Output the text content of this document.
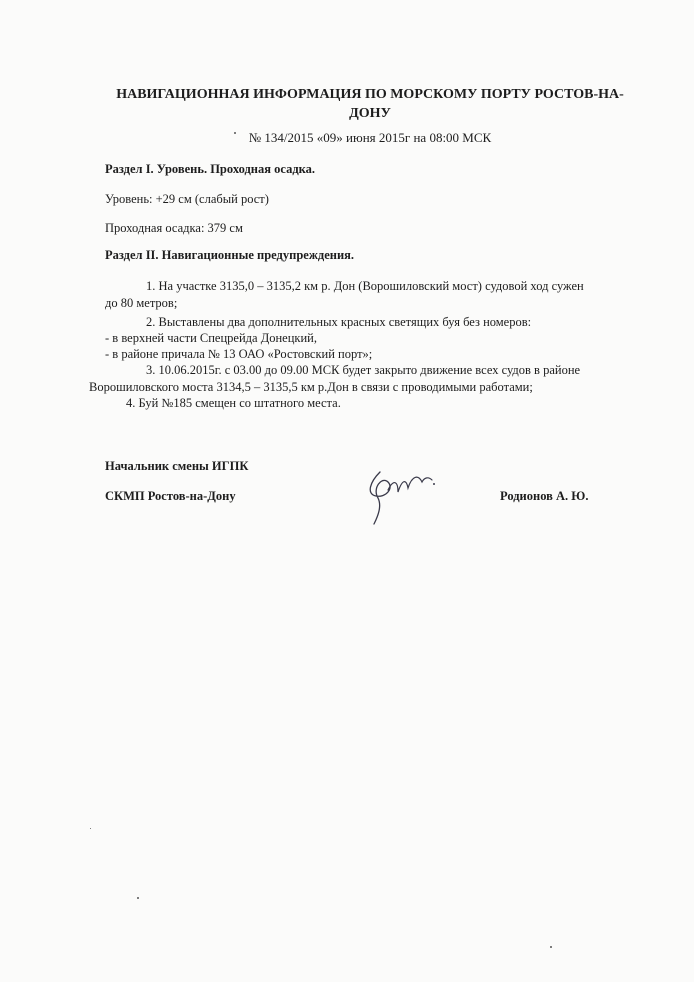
НАВИГАЦИОННАЯ ИНФОРМАЦИЯ ПО МОРСКОМУ ПОРТУ РОСТОВ-НА-
ДОНУ
№ 134/2015 «09» июня 2015г на 08:00 МСК
Раздел I. Уровень. Проходная осадка.
Уровень: +29 см (слабый рост)
Проходная осадка: 379 см
Раздел II. Навигационные предупреждения.
1. На участке 3135,0 – 3135,2 км р. Дон (Ворошиловский мост) судовой ход сужен
до 80 метров;
2. Выставлены два дополнительных красных светящих буя без номеров:
- в верхней части Спецрейда Донецкий,
- в районе причала № 13 ОАО «Ростовский порт»;
3. 10.06.2015г. с 03.00 до 09.00 МСК будет закрыто движение всех судов в районе
Ворошиловского моста 3134,5 – 3135,5 км р.Дон в связи с проводимыми работами;
4. Буй №185 смещен со штатного места.
Начальник смены ИГПК
СКМП Ростов-на-Дону	Родионов А. Ю.
